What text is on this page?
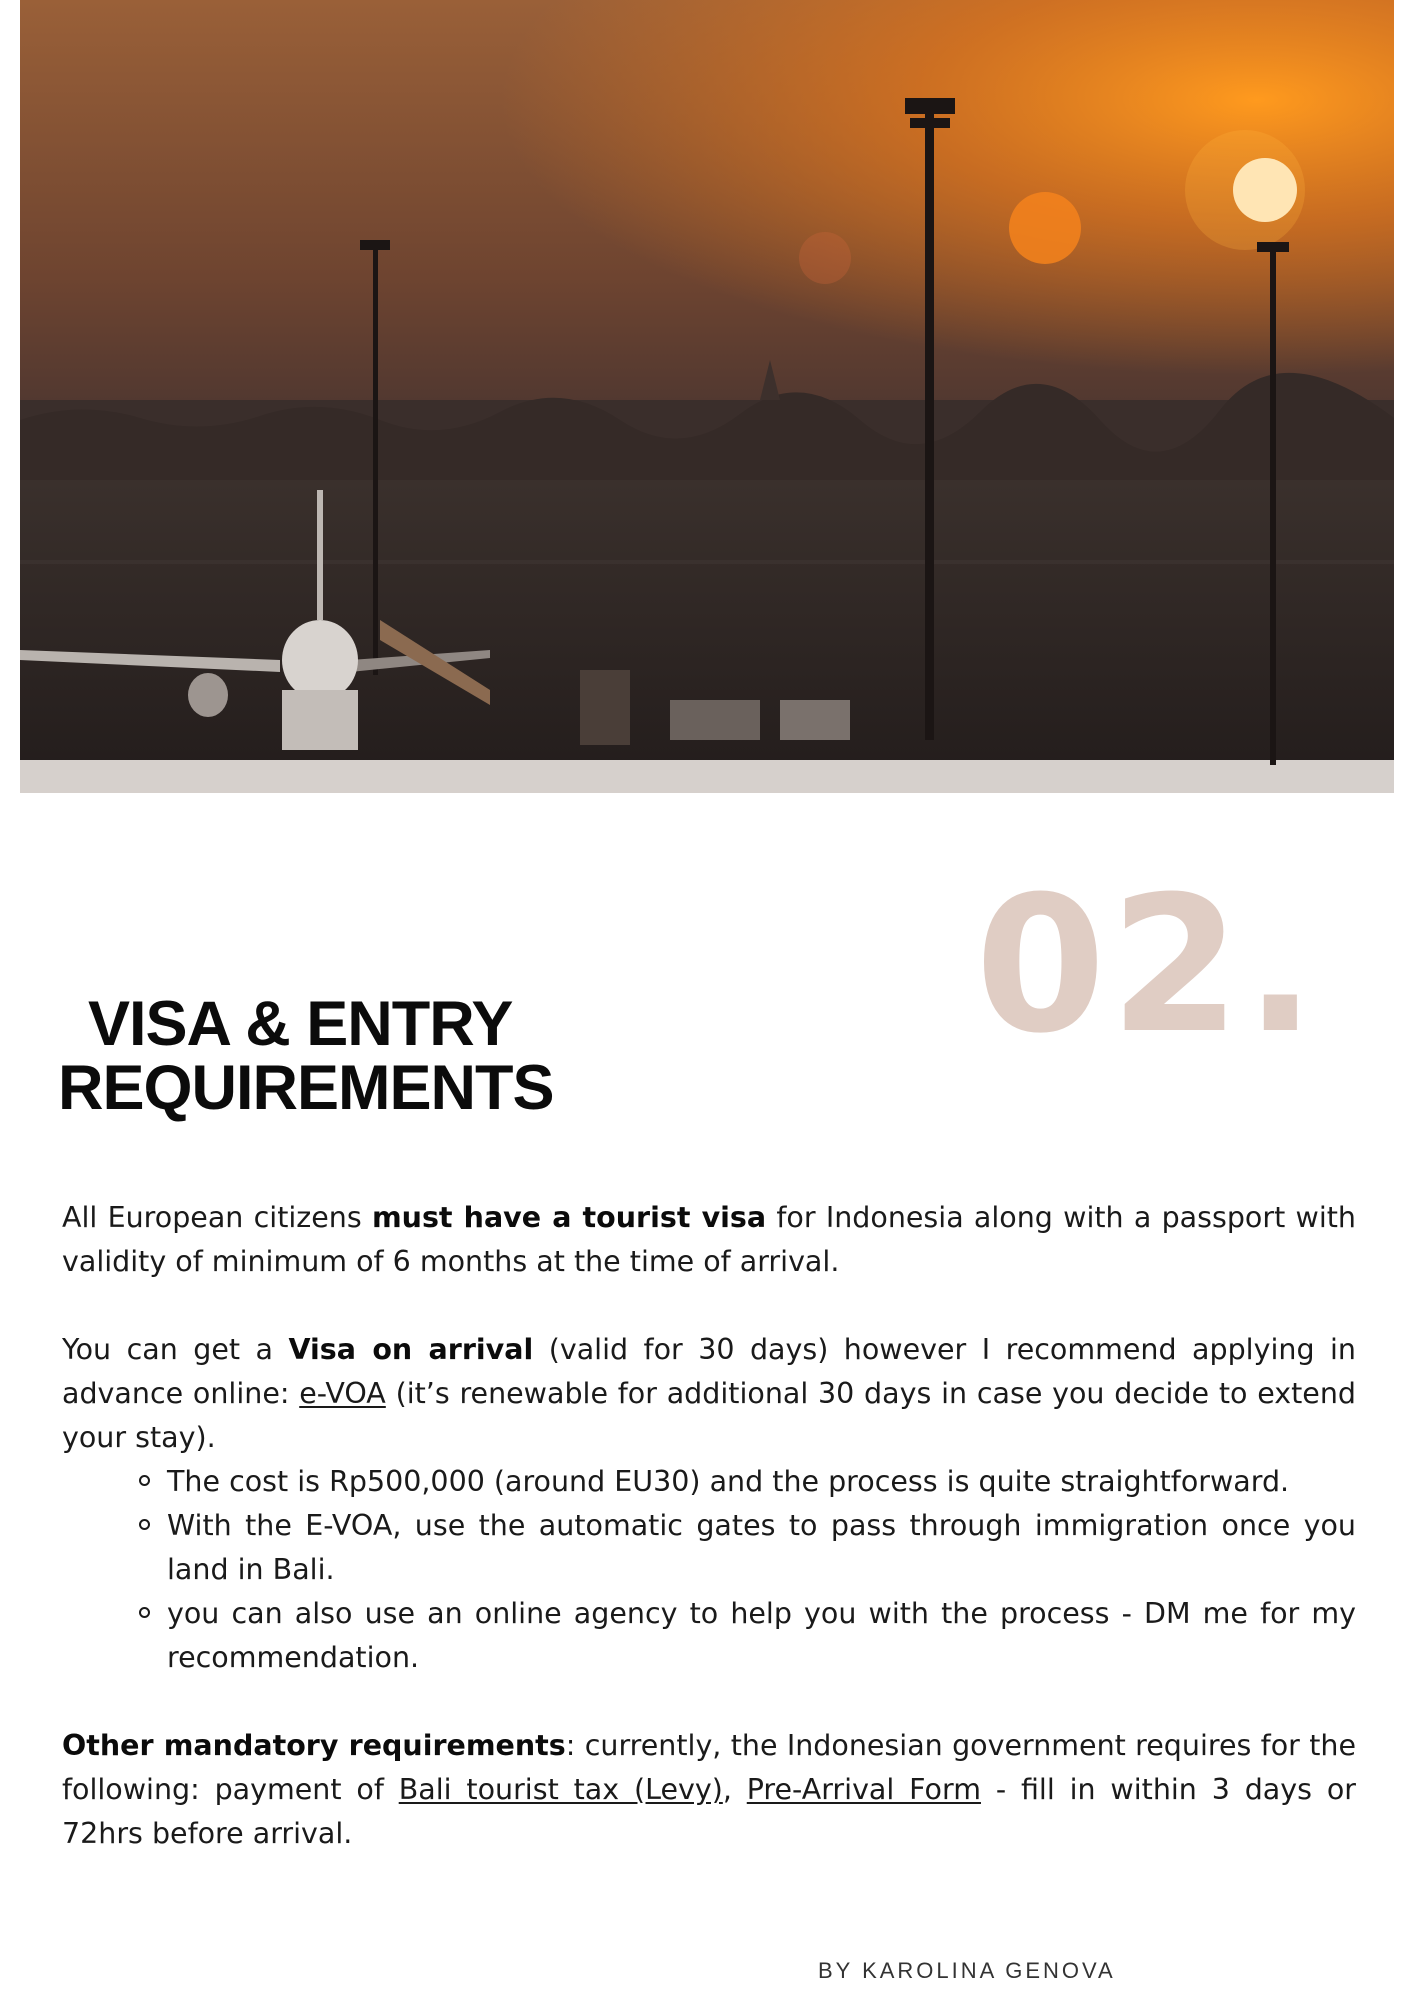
02.
VISA & ENTRY
REQUIREMENTS

All European citizens must have a tourist visa for Indonesia along with a passport with validity of minimum of 6 months at the time of arrival.

You can get a Visa on arrival (valid for 30 days) however I recommend applying in advance online: e-VOA (it’s renewable for additional 30 days in case you decide to extend your stay).

The cost is Rp500,000 (around EU30) and the process is quite straightforward.
With the E-VOA, use the automatic gates to pass through immigration once you land in Bali.
you can also use an online agency to help you with the process - DM me for my recommendation.

Other mandatory requirements: currently, the Indonesian government requires for the following: payment of Bali tourist tax (Levy), Pre-Arrival Form - fill in within 3 days or 72hrs before arrival.

BY KAROLINA GENOVA
